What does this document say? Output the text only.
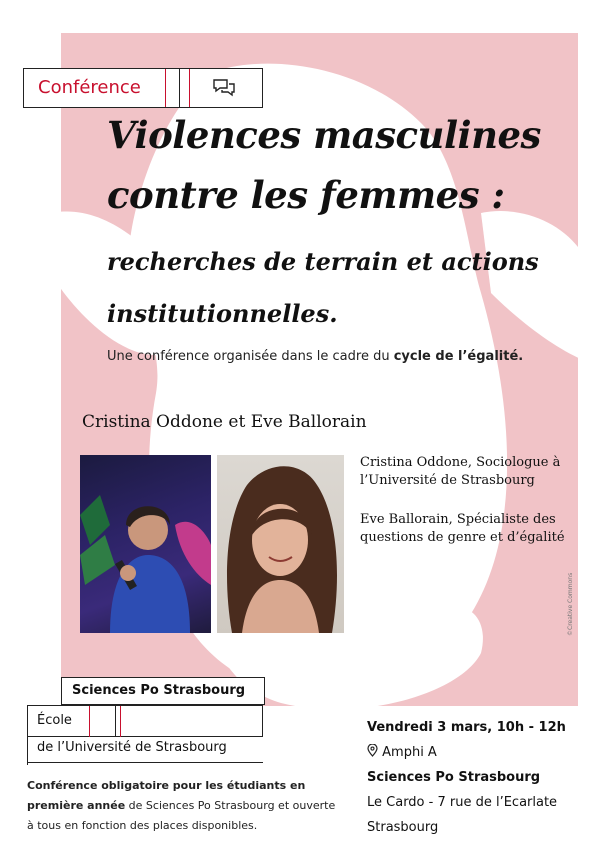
Conférence
Violences masculines contre les femmes :
recherches de terrain et actions institutionnelles.
Une conférence organisée dans le cadre du cycle de l’égalité.
Cristina Oddone et Eve Ballorain
Cristina Oddone, Sociologue à l’Université de Strasbourg
Eve Ballorain, Spécialiste des questions de genre et d’égalité
©Creative Commons
Sciences Po Strasbourg
École
de l’Université de Strasbourg
Conférence obligatoire pour les étudiants en première année de Sciences Po Strasbourg et ouverte à tous en fonction des places disponibles.
Vendredi 3 mars, 10h - 12h
Amphi A
Sciences Po Strasbourg
Le Cardo - 7 rue de l’Ecarlate
Strasbourg
